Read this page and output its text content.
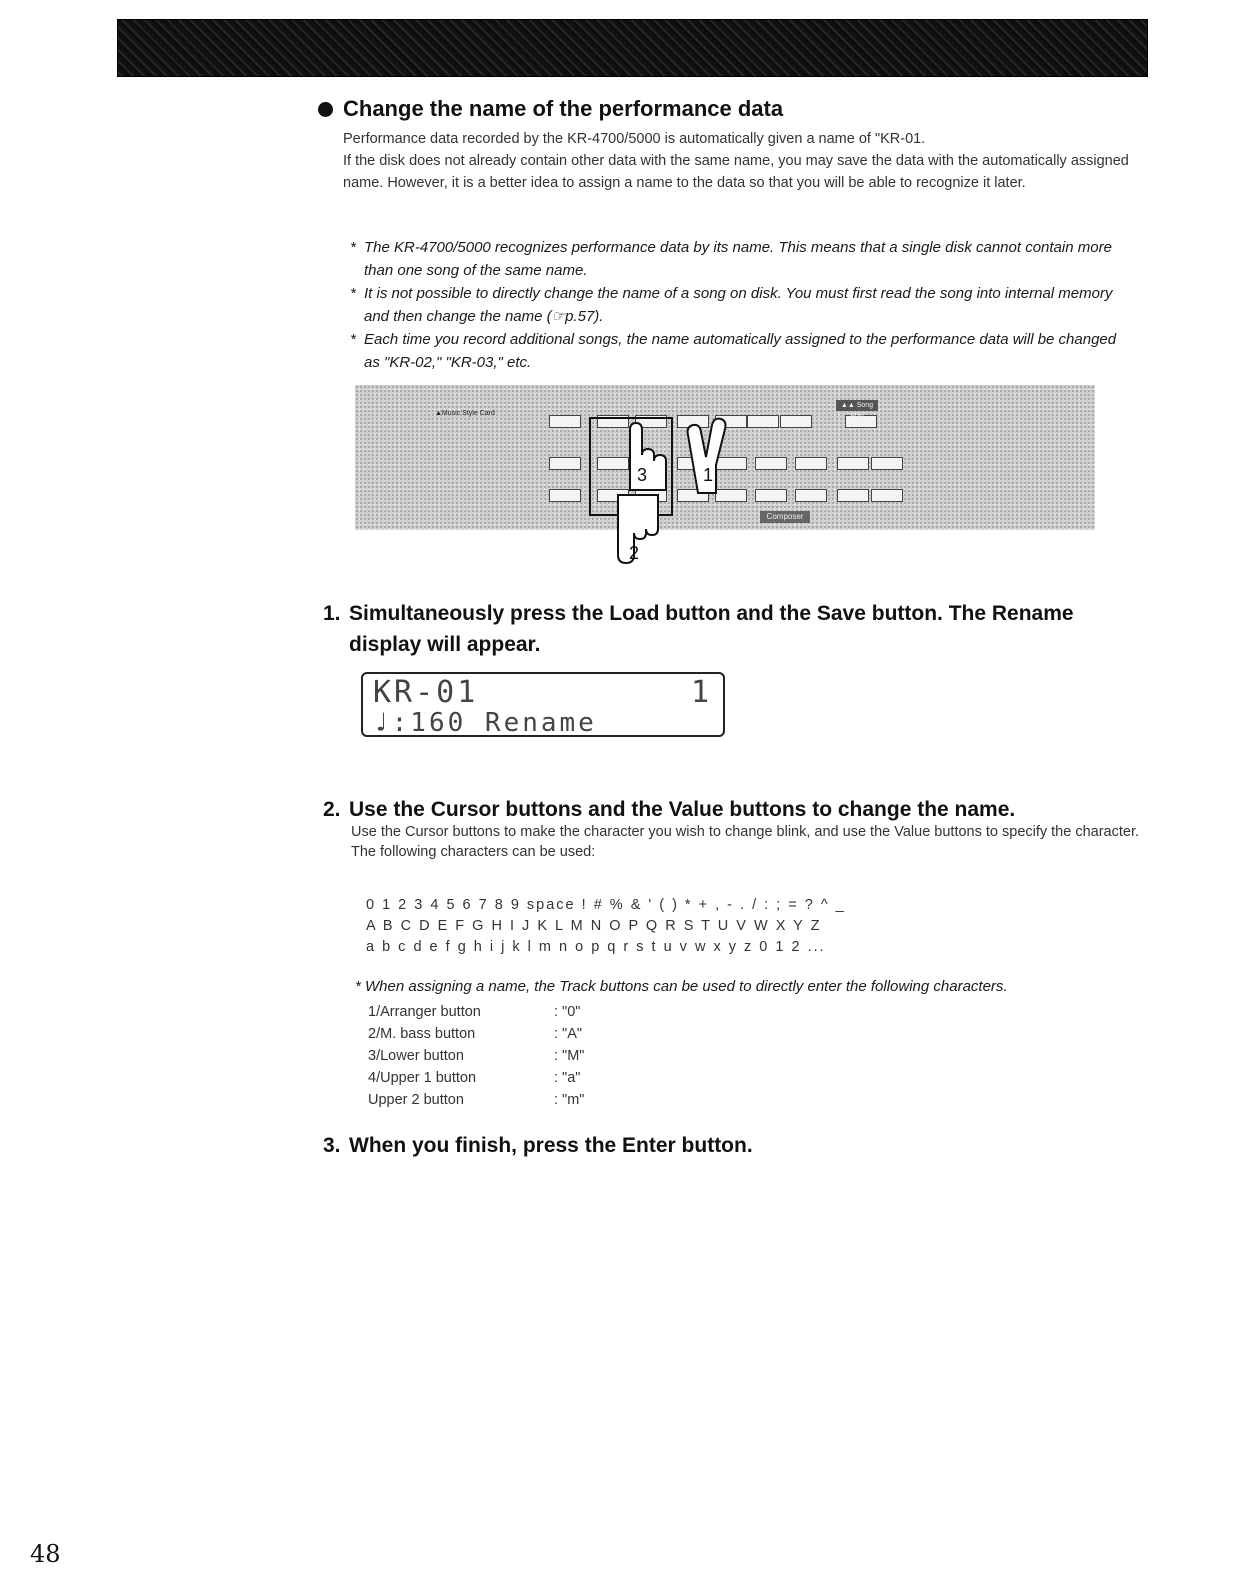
Change the name of the performance data

Performance data recorded by the KR-4700/5000 is automatically given a name of "KR-01.

If the disk does not already contain other data with the same name, you may save the data with the automatically assigned name. However, it is a better idea to assign a name to the data so that you will be able to recognize it later.

* The KR-4700/5000 recognizes performance data by its name. This means that a single disk cannot contain more than one song of the same name.
* It is not possible to directly change the name of a song on disk. You must first read the song into internal memory and then change the name (☞p.57).
* Each time you record additional songs, the name automatically assigned to the performance data will be changed as "KR-02," "KR-03," etc.
▲Music Style Card
▲▲ Song Play
Composer
3	1
2
1. Simultaneously press the Load button and the Save button. The Rename display will appear.
KR-01	1
♩:160 Rename
2. Use the Cursor buttons and the Value buttons to change the name.

Use the Cursor buttons to make the character you wish to change blink, and use the Value buttons to specify the character.

The following characters can be used:

0 1 2 3 4 5 6 7 8 9 space ! # % & ' ( ) * + , - . / : ; = ? ^ _
A B C D E F G H I J K L M N O P Q R S T U V W X Y Z
a b c d e f g h i j k l m n o p q r s t u v w x y z 0 1 2 ...

* When assigning a name, the Track buttons can be used to directly enter the following characters.

1/Arranger button	: "0"
2/M. bass button	: "A"
3/Lower button	: "M"
4/Upper 1 button	: "a"
Upper 2 button	: "m"
3. When you finish, press the Enter button.
48
